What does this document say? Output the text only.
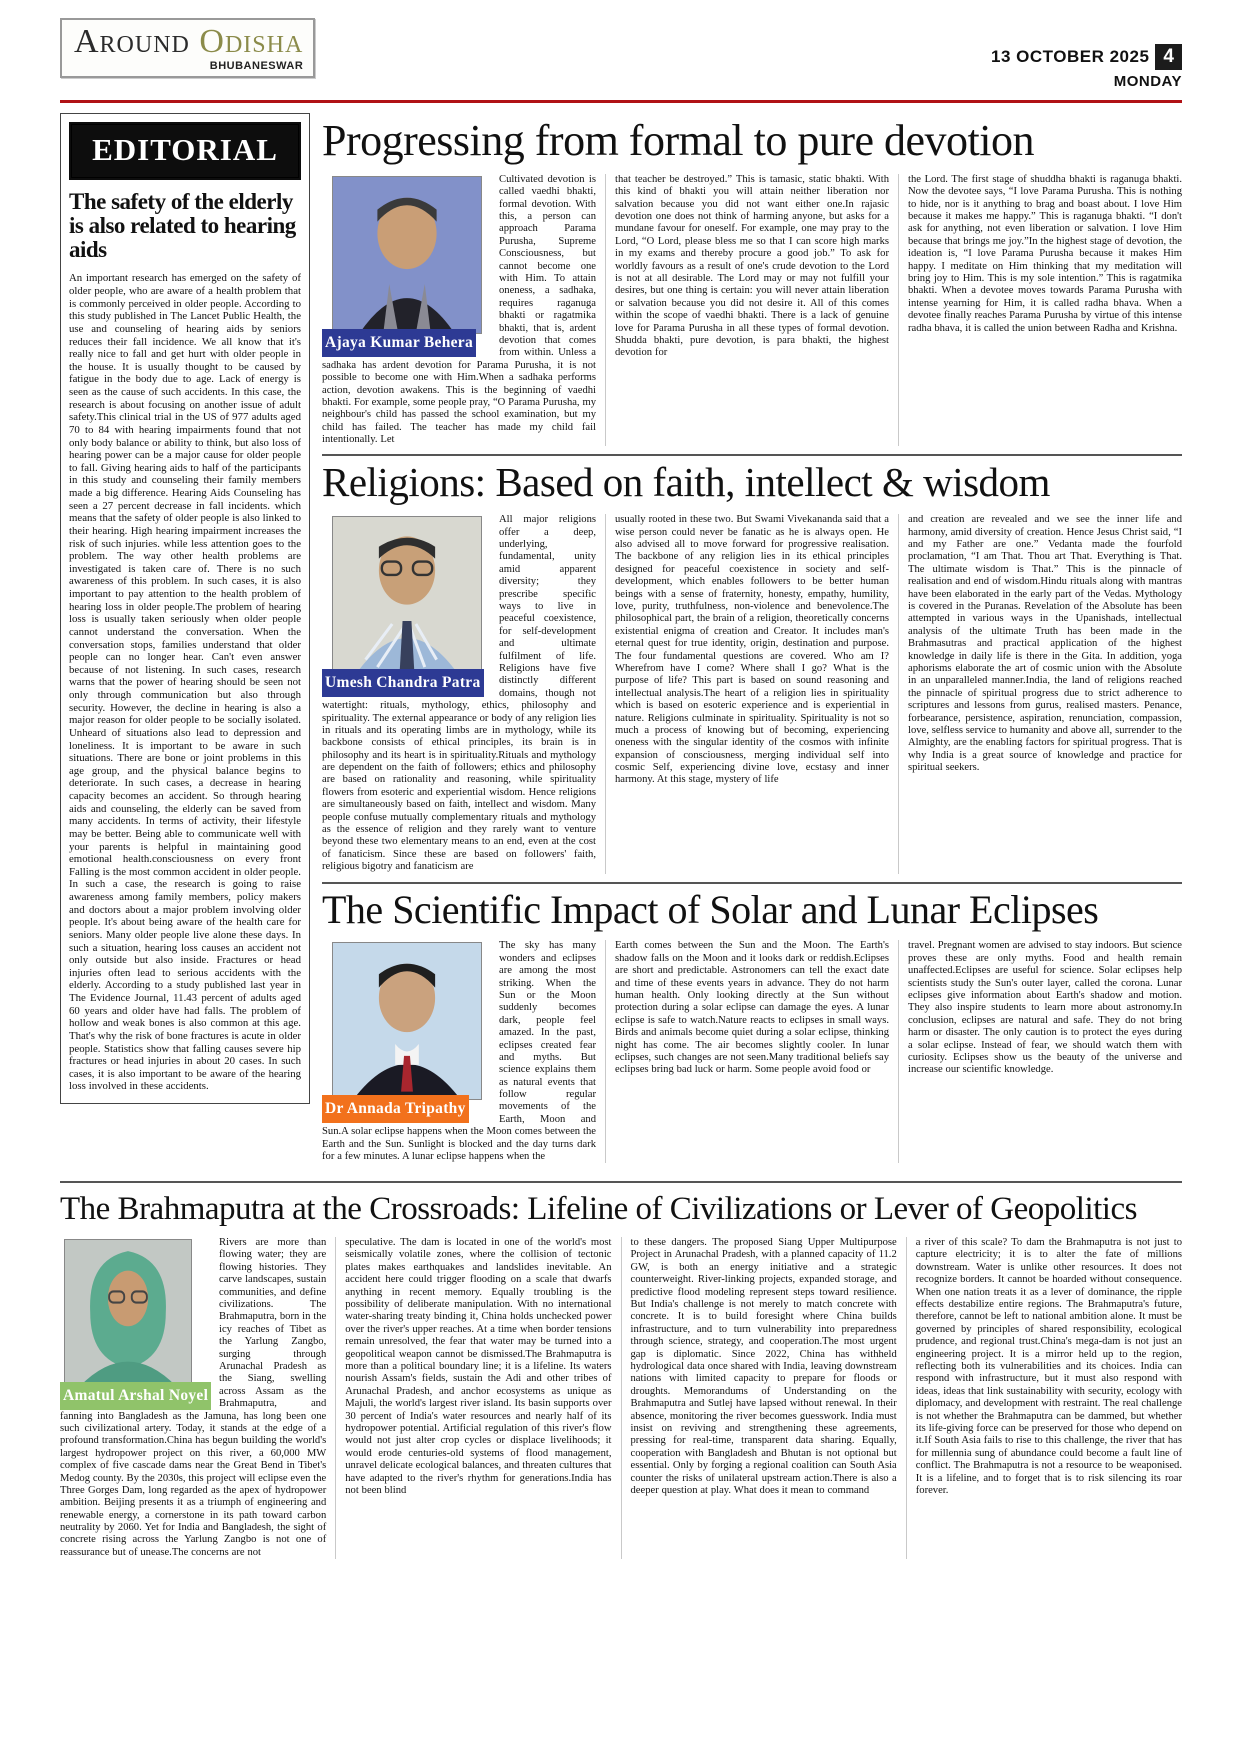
Around Odisha
BHUBANESWAR
13 OCTOBER 2025 4
MONDAY
EDITORIAL
The safety of the elderly is also related to hearing aids

An important research has emerged on the safety of older people, who are aware of a health problem that is commonly perceived in older people. According to this study published in The Lancet Public Health, the use and counseling of hearing aids by seniors reduces their fall incidence. We all know that it's really nice to fall and get hurt with older people in the house. It is usually thought to be caused by fatigue in the body due to age. Lack of energy is seen as the cause of such accidents. In this case, the research is about focusing on another issue of adult safety.This clinical trial in the US of 977 adults aged 70 to 84 with hearing impairments found that not only body balance or ability to think, but also loss of hearing power can be a major cause for older people to fall. Giving hearing aids to half of the participants in this study and counseling their family members made a big difference. Hearing Aids Counseling has seen a 27 percent decrease in fall incidents. which means that the safety of older people is also linked to their hearing. High hearing impairment increases the risk of such injuries. while less attention goes to the problem. The way other health problems are investigated is taken care of. There is no such awareness of this problem. In such cases, it is also important to pay attention to the health problem of hearing loss in older people.The problem of hearing loss is usually taken seriously when older people cannot understand the conversation. When the conversation stops, families understand that older people can no longer hear. Can't even answer because of not listening. In such cases, research warns that the power of hearing should be seen not only through communication but also through security. However, the decline in hearing is also a major reason for older people to be socially isolated. Unheard of situations also lead to depression and loneliness. It is important to be aware in such situations. There are bone or joint problems in this age group, and the physical balance begins to deteriorate. In such cases, a decrease in hearing capacity becomes an accident. So through hearing aids and counseling, the elderly can be saved from many accidents. In terms of activity, their lifestyle may be better. Being able to communicate well with your parents is helpful in maintaining good emotional health.consciousness on every front Falling is the most common accident in older people. In such a case, the research is going to raise awareness among family members, policy makers and doctors about a major problem involving older people. It's about being aware of the health care for seniors. Many older people live alone these days. In such a situation, hearing loss causes an accident not only outside but also inside. Fractures or head injuries often lead to serious accidents with the elderly. According to a study published last year in The Evidence Journal, 11.43 percent of adults aged 60 years and older have had falls. The problem of hollow and weak bones is also common at this age. That's why the risk of bone fractures is acute in older people. Statistics show that falling causes severe hip fractures or head injuries in about 20 cases. In such cases, it is also important to be aware of the hearing loss involved in these accidents.

Progressing from formal to pure devotion
Ajaya Kumar Behera

Cultivated devotion is called vaedhi bhakti, formal devotion. With this, a person can approach Parama Purusha, Supreme Consciousness, but cannot become one with Him. To attain oneness, a sadhaka, requires raganuga bhakti or ragatmika bhakti, that is, ardent devotion that comes from within. Unless a sadhaka has ardent devotion for Parama Purusha, it is not possible to become one with Him.When a sadhaka performs action, devotion awakens. This is the beginning of vaedhi bhakti. For example, some people pray, “O Parama Purusha, my neighbour's child has passed the school examination, but my child has failed. The teacher has made my child fail intentionally. Let

that teacher be destroyed.” This is tamasic, static bhakti. With this kind of bhakti you will attain neither liberation nor salvation because you did not want either one.In rajasic devotion one does not think of harming anyone, but asks for a mundane favour for oneself. For example, one may pray to the Lord, “O Lord, please bless me so that I can score high marks in my exams and thereby procure a good job.” To ask for worldly favours as a result of one's crude devotion to the Lord is not at all desirable. The Lord may or may not fulfill your desires, but one thing is certain: you will never attain liberation or salvation because you did not desire it. All of this comes within the scope of vaedhi bhakti. There is a lack of genuine love for Parama Purusha in all these types of formal devotion. Shudda bhakti, pure devotion, is para bhakti, the highest devotion for

the Lord. The first stage of shuddha bhakti is raganuga bhakti. Now the devotee says, “I love Parama Purusha. This is nothing to hide, nor is it anything to brag and boast about. I love Him because it makes me happy.” This is raganuga bhakti. “I don't ask for anything, not even liberation or salvation. I love Him because that brings me joy.”In the highest stage of devotion, the ideation is, “I love Parama Purusha because it makes Him happy. I meditate on Him thinking that my meditation will bring joy to Him. This is my sole intention.” This is ragatmika bhakti. When a devotee moves towards Parama Purusha with intense yearning for Him, it is called radha bhava. When a devotee finally reaches Parama Purusha by virtue of this intense radha bhava, it is called the union between Radha and Krishna.

Religions: Based on faith, intellect & wisdom
Umesh Chandra Patra

All major religions offer a deep, underlying, fundamental, unity amid apparent diversity; they prescribe specific ways to live in peaceful coexistence, for self-development and ultimate fulfilment of life. Religions have five distinctly different domains, though not watertight: rituals, mythology, ethics, philosophy and spirituality. The external appearance or body of any religion lies in rituals and its operating limbs are in mythology, while its backbone consists of ethical principles, its brain is in philosophy and its heart is in spirituality.Rituals and mythology are dependent on the faith of followers; ethics and philosophy are based on rationality and reasoning, while spirituality flowers from esoteric and experiential wisdom. Hence religions are simultaneously based on faith, intellect and wisdom. Many people confuse mutually complementary rituals and mythology as the essence of religion and they rarely want to venture beyond these two elementary means to an end, even at the cost of fanaticism. Since these are based on followers' faith, religious bigotry and fanaticism are

usually rooted in these two. But Swami Vivekananda said that a wise person could never be fanatic as he is always open. He also advised all to move forward for progressive realisation. The backbone of any religion lies in its ethical principles designed for peaceful coexistence in society and self-development, which enables followers to be better human beings with a sense of fraternity, honesty, empathy, humility, love, purity, truthfulness, non-violence and benevolence.The philosophical part, the brain of a religion, theoretically concerns existential enigma of creation and Creator. It includes man's eternal quest for true identity, origin, destination and purpose. The four fundamental questions are covered. Who am I? Wherefrom have I come? Where shall I go? What is the purpose of life? This part is based on sound reasoning and intellectual analysis.The heart of a religion lies in spirituality which is based on esoteric experience and is experiential in nature. Religions culminate in spirituality. Spirituality is not so much a process of knowing but of becoming, experiencing oneness with the singular identity of the cosmos with infinite expansion of consciousness, merging individual self into cosmic Self, experiencing divine love, ecstasy and inner harmony. At this stage, mystery of life

and creation are revealed and we see the inner life and harmony, amid diversity of creation. Hence Jesus Christ said, “I and my Father are one.” Vedanta made the fourfold proclamation, “I am That. Thou art That. Everything is That. The ultimate wisdom is That.” This is the pinnacle of realisation and end of wisdom.Hindu rituals along with mantras have been elaborated in the early part of the Vedas. Mythology is covered in the Puranas. Revelation of the Absolute has been attempted in various ways in the Upanishads, intellectual analysis of the ultimate Truth has been made in the Brahmasutras and practical application of the highest knowledge in daily life is there in the Gita. In addition, yoga aphorisms elaborate the art of cosmic union with the Absolute in an unparalleled manner.India, the land of religions reached the pinnacle of spiritual progress due to strict adherence to scriptures and lessons from gurus, realised masters. Penance, forbearance, persistence, aspiration, renunciation, compassion, love, selfless service to humanity and above all, surrender to the Almighty, are the enabling factors for spiritual progress. That is why India is a great source of knowledge and practice for spiritual seekers.

The Scientific Impact of Solar and Lunar Eclipses
Dr Annada Tripathy

The sky has many wonders and eclipses are among the most striking. When the Sun or the Moon suddenly becomes dark, people feel amazed. In the past, eclipses created fear and myths. But science explains them as natural events that follow regular movements of the Earth, Moon and Sun.A solar eclipse happens when the Moon comes between the Earth and the Sun. Sunlight is blocked and the day turns dark for a few minutes. A lunar eclipse happens when the

Earth comes between the Sun and the Moon. The Earth's shadow falls on the Moon and it looks dark or reddish.Eclipses are short and predictable. Astronomers can tell the exact date and time of these events years in advance. They do not harm human health. Only looking directly at the Sun without protection during a solar eclipse can damage the eyes. A lunar eclipse is safe to watch.Nature reacts to eclipses in small ways. Birds and animals become quiet during a solar eclipse, thinking night has come. The air becomes slightly cooler. In lunar eclipses, such changes are not seen.Many traditional beliefs say eclipses bring bad luck or harm. Some people avoid food or

travel. Pregnant women are advised to stay indoors. But science proves these are only myths. Food and health remain unaffected.Eclipses are useful for science. Solar eclipses help scientists study the Sun's outer layer, called the corona. Lunar eclipses give information about Earth's shadow and motion. They also inspire students to learn more about astronomy.In conclusion, eclipses are natural and safe. They do not bring harm or disaster. The only caution is to protect the eyes during a solar eclipse. Instead of fear, we should watch them with curiosity. Eclipses show us the beauty of the universe and increase our scientific knowledge.

The Brahmaputra at the Crossroads: Lifeline of Civilizations or Lever of Geopolitics
Amatul Arshal Noyel

Rivers are more than flowing water; they are flowing histories. They carve landscapes, sustain communities, and define civilizations. The Brahmaputra, born in the icy reaches of Tibet as the Yarlung Zangbo, surging through Arunachal Pradesh as the Siang, swelling across Assam as the Brahmaputra, and fanning into Bangladesh as the Jamuna, has long been one such civilizational artery. Today, it stands at the edge of a profound transformation.China has begun building the world's largest hydropower project on this river, a 60,000 MW complex of five cascade dams near the Great Bend in Tibet's Medog county. By the 2030s, this project will eclipse even the Three Gorges Dam, long regarded as the apex of hydropower ambition. Beijing presents it as a triumph of engineering and renewable energy, a cornerstone in its path toward carbon neutrality by 2060. Yet for India and Bangladesh, the sight of concrete rising across the Yarlung Zangbo is not one of reassurance but of unease.The concerns are not

speculative. The dam is located in one of the world's most seismically volatile zones, where the collision of tectonic plates makes earthquakes and landslides inevitable. An accident here could trigger flooding on a scale that dwarfs anything in recent memory. Equally troubling is the possibility of deliberate manipulation. With no international water-sharing treaty binding it, China holds unchecked power over the river's upper reaches. At a time when border tensions remain unresolved, the fear that water may be turned into a geopolitical weapon cannot be dismissed.The Brahmaputra is more than a political boundary line; it is a lifeline. Its waters nourish Assam's fields, sustain the Adi and other tribes of Arunachal Pradesh, and anchor ecosystems as unique as Majuli, the world's largest river island. Its basin supports over 30 percent of India's water resources and nearly half of its hydropower potential. Artificial regulation of this river's flow would not just alter crop cycles or displace livelihoods; it would erode centuries-old systems of flood management, unravel delicate ecological balances, and threaten cultures that have adapted to the river's rhythm for generations.India has not been blind

to these dangers. The proposed Siang Upper Multipurpose Project in Arunachal Pradesh, with a planned capacity of 11.2 GW, is both an energy initiative and a strategic counterweight. River-linking projects, expanded storage, and predictive flood modeling represent steps toward resilience. But India's challenge is not merely to match concrete with concrete. It is to build foresight where China builds infrastructure, and to turn vulnerability into preparedness through science, strategy, and cooperation.The most urgent gap is diplomatic. Since 2022, China has withheld hydrological data once shared with India, leaving downstream nations with limited capacity to prepare for floods or droughts. Memorandums of Understanding on the Brahmaputra and Sutlej have lapsed without renewal. In their absence, monitoring the river becomes guesswork. India must insist on reviving and strengthening these agreements, pressing for real-time, transparent data sharing. Equally, cooperation with Bangladesh and Bhutan is not optional but essential. Only by forging a regional coalition can South Asia counter the risks of unilateral upstream action.There is also a deeper question at play. What does it mean to command

a river of this scale? To dam the Brahmaputra is not just to capture electricity; it is to alter the fate of millions downstream. Water is unlike other resources. It does not recognize borders. It cannot be hoarded without consequence. When one nation treats it as a lever of dominance, the ripple effects destabilize entire regions. The Brahmaputra's future, therefore, cannot be left to national ambition alone. It must be governed by principles of shared responsibility, ecological prudence, and regional trust.China's mega-dam is not just an engineering project. It is a mirror held up to the region, reflecting both its vulnerabilities and its choices. India can respond with infrastructure, but it must also respond with ideas, ideas that link sustainability with security, ecology with diplomacy, and development with restraint. The real challenge is not whether the Brahmaputra can be dammed, but whether its life-giving force can be preserved for those who depend on it.If South Asia fails to rise to this challenge, the river that has for millennia sung of abundance could become a fault line of conflict. The Brahmaputra is not a resource to be weaponised. It is a lifeline, and to forget that is to risk silencing its roar forever.
